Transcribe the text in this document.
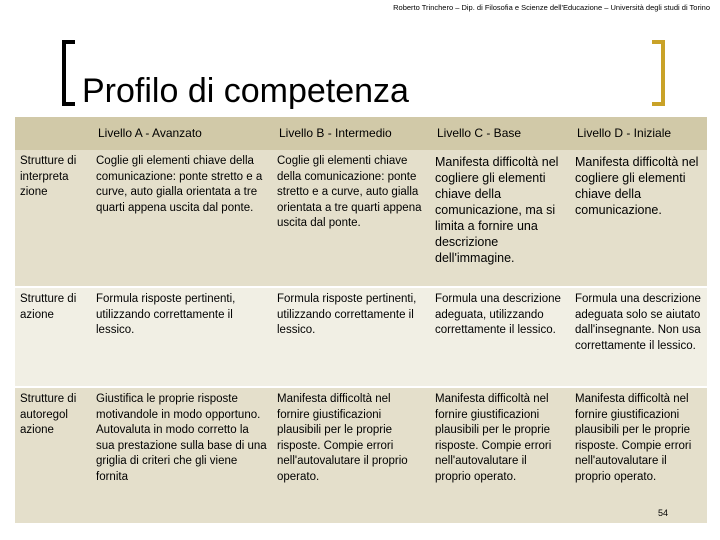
Roberto Trinchero – Dip. di Filosofia e Scienze dell'Educazione – Università degli studi di Torino
Profilo di competenza
	Livello A - Avanzato	Livello B - Intermedio	Livello C - Base	Livello D - Iniziale
Strutture di interpreta zione	Coglie gli elementi chiave della comunicazione: ponte stretto e a curve, auto gialla orientata a tre quarti appena uscita dal ponte.	Coglie gli elementi chiave della comunicazione: ponte stretto e a curve, auto gialla orientata a tre quarti appena uscita dal ponte.	Manifesta difficoltà nel cogliere gli elementi chiave della comunicazione, ma si limita a fornire una descrizione dell'immagine.	Manifesta difficoltà nel cogliere gli elementi chiave della comunicazione.
Strutture di azione	Formula risposte pertinenti, utilizzando correttamente il lessico.	Formula risposte pertinenti, utilizzando correttamente il lessico.	Formula una descrizione adeguata, utilizzando correttamente il lessico.	Formula una descrizione adeguata solo se aiutato dall'insegnante. Non usa correttamente il lessico.
Strutture di autoregol azione	Giustifica le proprie risposte motivandole in modo opportuno. Autovaluta in modo corretto la sua prestazione sulla base di una griglia di criteri che gli viene fornita	Manifesta difficoltà nel fornire giustificazioni plausibili per le proprie risposte. Compie errori nell'autovalutare il proprio operato.	Manifesta difficoltà nel fornire giustificazioni plausibili per le proprie risposte. Compie errori nell'autovalutare il proprio operato.	Manifesta difficoltà nel fornire giustificazioni plausibili per le proprie risposte. Compie errori nell'autovalutare il proprio operato.
54
